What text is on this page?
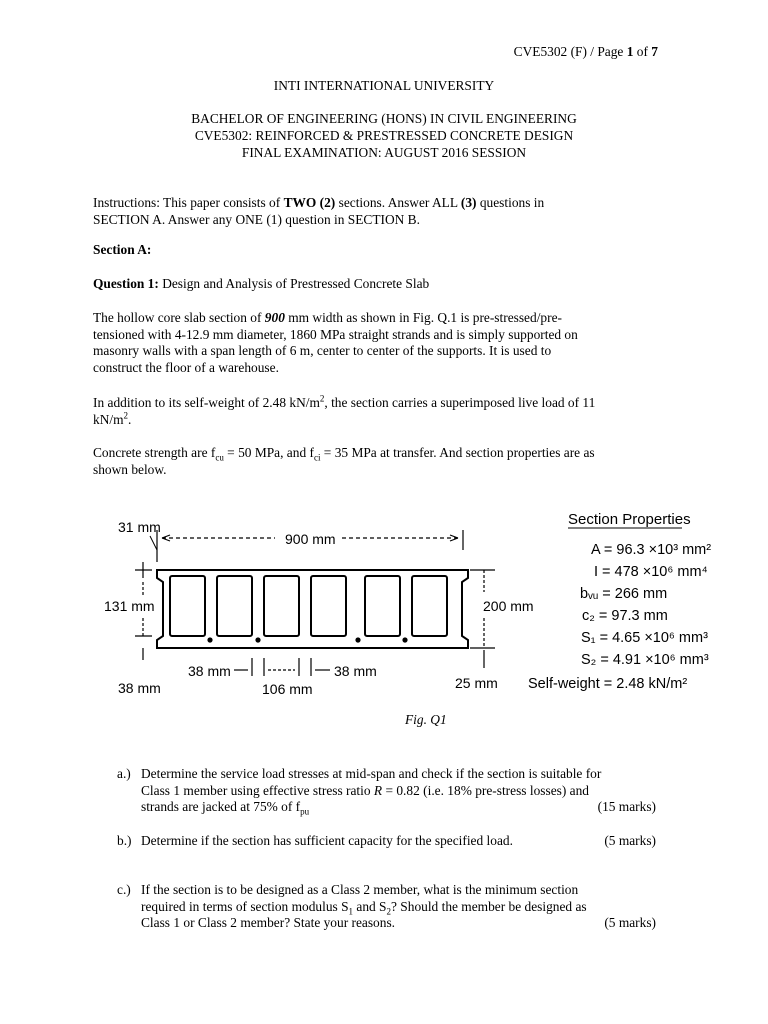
CVE5302 (F) / Page 1 of 7
INTI INTERNATIONAL UNIVERSITY
BACHELOR OF ENGINEERING (HONS) IN CIVIL ENGINEERING
CVE5302: REINFORCED & PRESTRESSED CONCRETE DESIGN
FINAL EXAMINATION: AUGUST 2016 SESSION
Instructions: This paper consists of TWO (2) sections. Answer ALL (3) questions in
SECTION A. Answer any ONE (1) question in SECTION B.
Section A:
Question 1: Design and Analysis of Prestressed Concrete Slab
The hollow core slab section of 900 mm width as shown in Fig. Q.1 is pre-stressed/pre-
tensioned with 4-12.9 mm diameter, 1860 MPa straight strands and is simply supported on
masonry walls with a span length of 6 m, center to center of the supports. It is used to
construct the floor of a warehouse.
In addition to its self-weight of 2.48 $kN/m^2$, the section carries a superimposed live load of 11
$kN/m^2$.
Concrete strength are $f_{cu} = 50$ MPa, and $f_{ci} = 35$ MPa at transfer. And section properties are as
shown below.
900 mm
31 mm
131 mm
38 mm
200 mm
25 mm
38 mm
106 mm
38 mm
Section Properties
A = 96.3 ×10³ mm²
I = 478 ×10⁶ mm⁴
bᵥᵤ = 266 mm
c₂ = 97.3 mm
S₁ = 4.65 ×10⁶ mm³
S₂ = 4.91 ×10⁶ mm³
Self-weight = 2.48 kN/m²
Fig. Q1
a.) Determine the service load stresses at mid-span and check if the section is suitable for
Class 1 member using effective stress ratio R = 0.82 (i.e. 18% pre-stress losses) and
strands are jacked at 75% of $f_{pu}$	(15 marks)
b.) Determine if the section has sufficient capacity for the specified load.	(5 marks)
c.) If the section is to be designed as a Class 2 member, what is the minimum section
required in terms of section modulus $S_1$ and $S_2$? Should the member be designed as
Class 1 or Class 2 member? State your reasons.	(5 marks)
